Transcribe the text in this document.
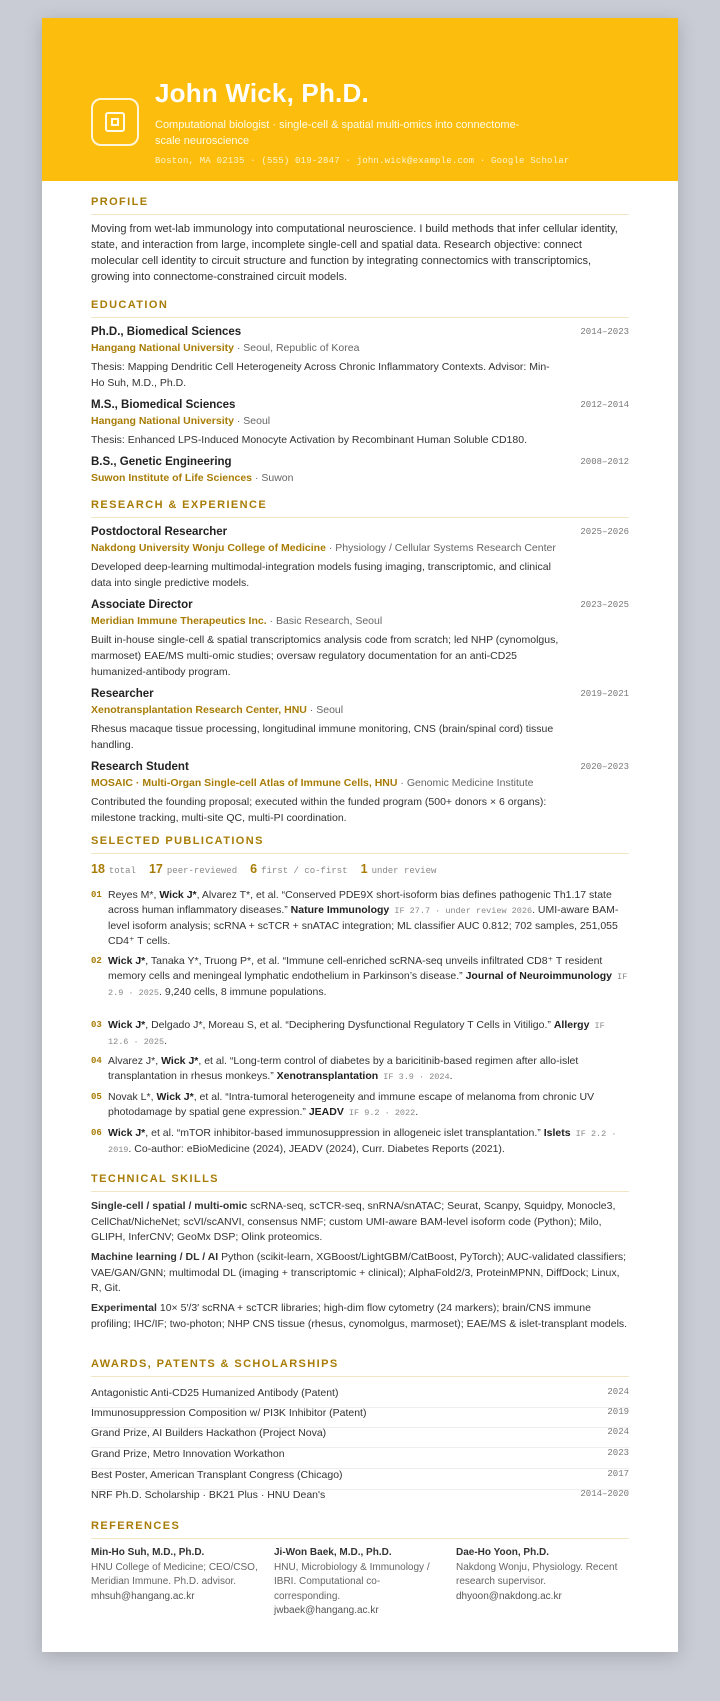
John Wick, Ph.D.
Computational biologist · single-cell & spatial multi-omics into connectome-scale neuroscience
Boston, MA 02135 · (555) 019-2847 · john.wick@example.com · Google Scholar
PROFILE
Moving from wet-lab immunology into computational neuroscience. I build methods that infer cellular identity, state, and interaction from large, incomplete single-cell and spatial data. Research objective: connect molecular cell identity to circuit structure and function by integrating connectomics with transcriptomics, growing into connectome-constrained circuit models.
EDUCATION
Ph.D., Biomedical Sciences	2014–2023
Hangang National University · Seoul, Republic of Korea
Thesis: Mapping Dendritic Cell Heterogeneity Across Chronic Inflammatory Contexts. Advisor: Min-Ho Suh, M.D., Ph.D.
M.S., Biomedical Sciences	2012–2014
Hangang National University · Seoul
Thesis: Enhanced LPS-Induced Monocyte Activation by Recombinant Human Soluble CD180.
B.S., Genetic Engineering	2008–2012
Suwon Institute of Life Sciences · Suwon
RESEARCH & EXPERIENCE
Postdoctoral Researcher	2025–2026
Nakdong University Wonju College of Medicine · Physiology / Cellular Systems Research Center
Developed deep-learning multimodal-integration models fusing imaging, transcriptomic, and clinical data into single predictive models.
Associate Director	2023–2025
Meridian Immune Therapeutics Inc. · Basic Research, Seoul
Built in-house single-cell & spatial transcriptomics analysis code from scratch; led NHP (cynomolgus, marmoset) EAE/MS multi-omic studies; oversaw regulatory documentation for an anti-CD25 humanized-antibody program.
Researcher	2019–2021
Xenotransplantation Research Center, HNU · Seoul
Rhesus macaque tissue processing, longitudinal immune monitoring, CNS (brain/spinal cord) tissue handling.
Research Student	2020–2023
MOSAIC · Multi-Organ Single-cell Atlas of Immune Cells, HNU · Genomic Medicine Institute
Contributed the founding proposal; executed within the funded program (500+ donors × 6 organs): milestone tracking, multi-site QC, multi-PI coordination.
SELECTED PUBLICATIONS
18 total 17 peer-reviewed 6 first / co-first 1 under review
01 Reyes M*, Wick J*, Alvarez T*, et al. “Conserved PDE9X short-isoform bias defines pathogenic Th1.17 state across human inflammatory diseases.” Nature Immunology IF 27.7 · under review 2026. UMI-aware BAM-level isoform analysis; scRNA + scTCR + snATAC integration; ML classifier AUC 0.812; 702 samples, 251,055 CD4⁺ T cells.
02 Wick J*, Tanaka Y*, Truong P*, et al. “Immune cell-enriched scRNA-seq unveils infiltrated CD8⁺ T resident memory cells and meningeal lymphatic endothelium in Parkinson’s disease.” Journal of Neuroimmunology IF 2.9 · 2025. 9,240 cells, 8 immune populations.
03 Wick J*, Delgado J*, Moreau S, et al. “Deciphering Dysfunctional Regulatory T Cells in Vitiligo.” Allergy IF 12.6 · 2025.
04 Alvarez J*, Wick J*, et al. “Long-term control of diabetes by a baricitinib-based regimen after allo-islet transplantation in rhesus monkeys.” Xenotransplantation IF 3.9 · 2024.
05 Novak L*, Wick J*, et al. “Intra-tumoral heterogeneity and immune escape of melanoma from chronic UV photodamage by spatial gene expression.” JEADV IF 9.2 · 2022.
06 Wick J*, et al. “mTOR inhibitor-based immunosuppression in allogeneic islet transplantation.” Islets IF 2.2 · 2019. Co-author: eBioMedicine (2024), JEADV (2024), Curr. Diabetes Reports (2021).
TECHNICAL SKILLS
Single-cell / spatial / multi-omic scRNA-seq, scTCR-seq, snRNA/snATAC; Seurat, Scanpy, Squidpy, Monocle3, CellChat/NicheNet; scVI/scANVI, consensus NMF; custom UMI-aware BAM-level isoform code (Python); Milo, GLIPH, InferCNV; GeoMx DSP; Olink proteomics.
Machine learning / DL / AI Python (scikit-learn, XGBoost/LightGBM/CatBoost, PyTorch); AUC-validated classifiers; VAE/GAN/GNN; multimodal DL (imaging + transcriptomic + clinical); AlphaFold2/3, ProteinMPNN, DiffDock; Linux, R, Git.
Experimental 10× 5′/3′ scRNA + scTCR libraries; high-dim flow cytometry (24 markers); brain/CNS immune profiling; IHC/IF; two-photon; NHP CNS tissue (rhesus, cynomolgus, marmoset); EAE/MS & islet-transplant models.
AWARDS, PATENTS & SCHOLARSHIPS
Antagonistic Anti-CD25 Humanized Antibody (Patent)	2024
Immunosuppression Composition w/ PI3K Inhibitor (Patent)	2019
Grand Prize, AI Builders Hackathon (Project Nova)	2024
Grand Prize, Metro Innovation Workathon	2023
Best Poster, American Transplant Congress (Chicago)	2017
NRF Ph.D. Scholarship · BK21 Plus · HNU Dean's	2014–2020
REFERENCES
Min-Ho Suh, M.D., Ph.D.
HNU College of Medicine; CEO/CSO, Meridian Immune. Ph.D. advisor.
mhsuh@hangang.ac.kr
Ji-Won Baek, M.D., Ph.D.
HNU, Microbiology & Immunology / IBRI. Computational co-corresponding.
jwbaek@hangang.ac.kr
Dae-Ho Yoon, Ph.D.
Nakdong Wonju, Physiology. Recent research supervisor.
dhyoon@nakdong.ac.kr
